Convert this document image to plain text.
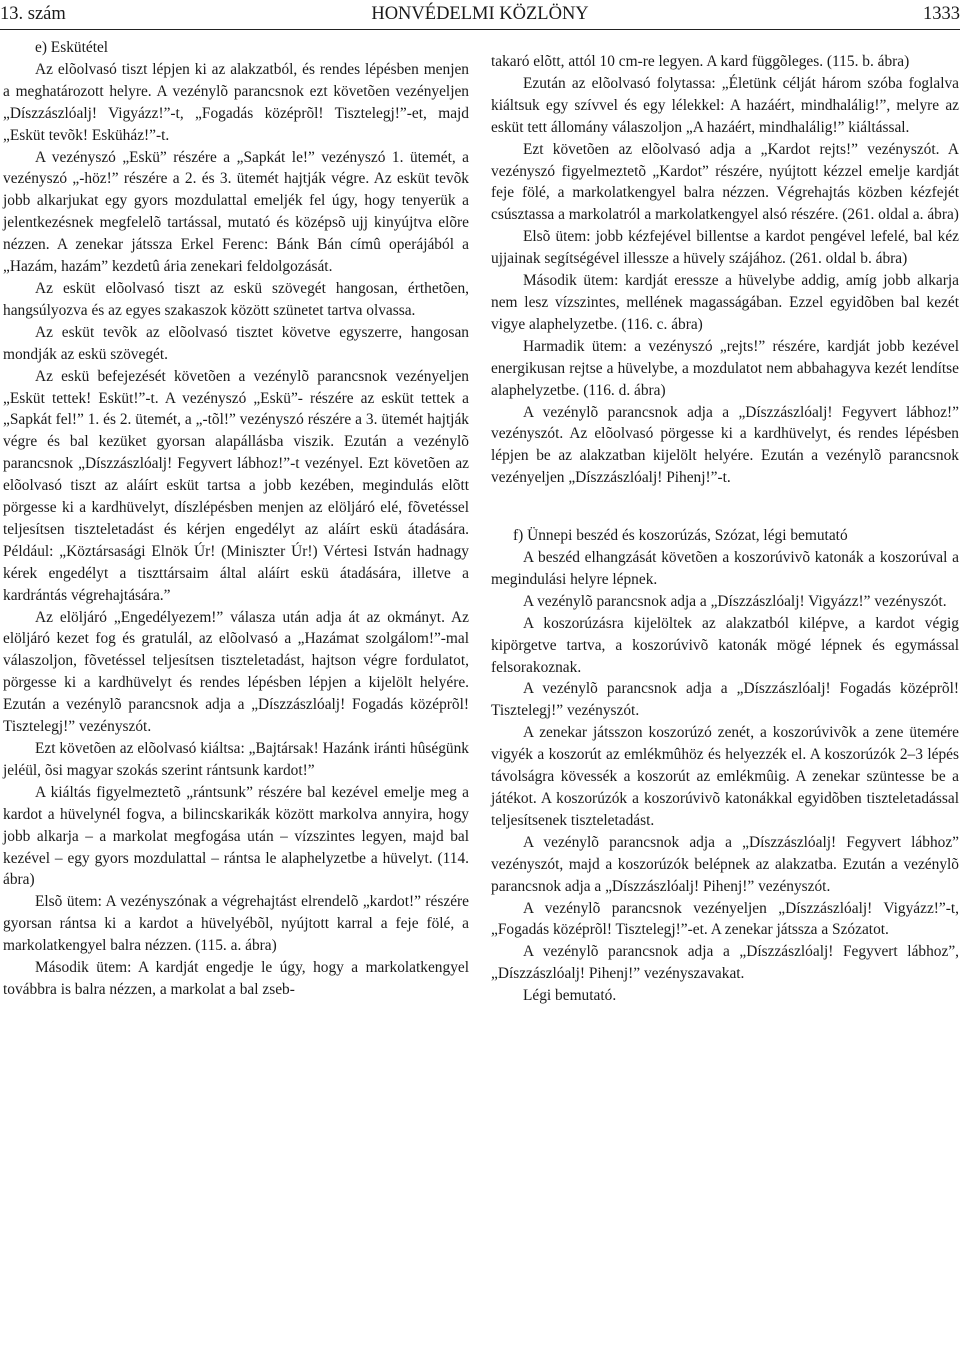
13. szám	HONVÉDELMI KÖZLÖNY	1333

e) Eskütétel

Az elõolvasó tiszt lépjen ki az alakzatból, és rendes lépésben menjen a meghatározott helyre. A vezénylõ parancsnok ezt követõen vezényeljen „Díszzászlóalj! Vigyázz!”-t, „Fogadás középrõl! Tisztelegj!”-et, majd „Esküt tevõk! Esküház!”-t.

A vezényszó „Eskü” részére a „Sapkát le!” vezényszó 1. ütemét, a vezényszó „-höz!” részére a 2. és 3. ütemét hajtják végre. Az esküt tevõk jobb alkarjukat egy gyors mozdulattal emeljék fel úgy, hogy tenyerük a jelentkezésnek megfelelõ tartással, mutató és középsõ ujj kinyújtva elõre nézzen. A zenekar játssza Erkel Ferenc: Bánk Bán címû operájából a „Hazám, hazám” kezdetû ária zenekari feldolgozását.

Az esküt elõolvasó tiszt az eskü szövegét hangosan, érthetõen, hangsúlyozva és az egyes szakaszok között szünetet tartva olvassa.

Az esküt tevõk az elõolvasó tisztet követve egyszerre, hangosan mondják az eskü szövegét.

Az eskü befejezését követõen a vezénylõ parancsnok vezényeljen „Esküt tettek! Esküt!”-t. A vezényszó „Eskü”- részére az esküt tettek a „Sapkát fel!” 1. és 2. ütemét, a „-tõl!” vezényszó részére a 3. ütemét hajtják végre és bal kezüket gyorsan alapállásba viszik. Ezután a vezénylõ parancsnok „Díszzászlóalj! Fegyvert lábhoz!”-t vezényel. Ezt követõen az elõolvasó tiszt az aláírt esküt tartsa a jobb kezében, megindulás elõtt pörgesse ki a kardhüvelyt, díszlépésben menjen az elöljáró elé, fõvetéssel teljesítsen tiszteletadást és kérjen engedélyt az aláírt eskü átadására. Például: „Köztársasági Elnök Úr! (Miniszter Úr!) Vértesi István hadnagy kérek engedélyt a tiszttársaim által aláírt eskü átadására, illetve a kardrántás végrehajtására.”

Az elöljáró „Engedélyezem!” válasza után adja át az okmányt. Az elöljáró kezet fog és gratulál, az elõolvasó a „Hazámat szolgálom!”-mal válaszoljon, fõvetéssel teljesítsen tiszteletadást, hajtson végre fordulatot, pörgesse ki a kardhüvelyt és rendes lépésben lépjen a kijelölt helyére. Ezután a vezénylõ parancsnok adja a „Díszzászlóalj! Fogadás középrõl! Tisztelegj!” vezényszót.

Ezt követõen az elõolvasó kiáltsa: „Bajtársak! Hazánk iránti hûségünk jeléül, õsi magyar szokás szerint rántsunk kardot!”

A kiáltás figyelmeztetõ „rántsunk” részére bal kezével emelje meg a kardot a hüvelynél fogva, a bilincskarikák között markolva annyira, hogy jobb alkarja – a markolat megfogása után – vízszintes legyen, majd bal kezével – egy gyors mozdulattal – rántsa le alaphelyzetbe a hüvelyt. (114. ábra)

Elsõ ütem: A vezényszónak a végrehajtást elrendelõ „kardot!” részére gyorsan rántsa ki a kardot a hüvelyébõl, nyújtott karral a feje fölé, a markolatkengyel balra nézzen. (115. a. ábra)

Második ütem: A kardját engedje le úgy, hogy a markolatkengyel továbbra is balra nézzen, a markolat a bal zseb-

takaró elõtt, attól 10 cm-re legyen. A kard függõleges. (115. b. ábra)

Ezután az elõolvasó folytassa: „Életünk célját három szóba foglalva kiáltsuk egy szívvel és egy lélekkel: A hazáért, mindhalálig!”, melyre az esküt tett állomány válaszoljon „A hazáért, mindhalálig!” kiáltással.

Ezt követõen az elõolvasó adja a „Kardot rejts!” vezényszót. A vezényszó figyelmeztetõ „Kardot” részére, nyújtott kézzel emelje kardját feje fölé, a markolatkengyel balra nézzen. Végrehajtás közben kézfejét csúsztassa a markolatról a markolatkengyel alsó részére. (261. oldal a. ábra)

Elsõ ütem: jobb kézfejével billentse a kardot pengével lefelé, bal kéz ujjainak segítségével illessze a hüvely szájához. (261. oldal b. ábra)

Második ütem: kardját eressze a hüvelybe addig, amíg jobb alkarja nem lesz vízszintes, mellének magasságában. Ezzel egyidõben bal kezét vigye alaphelyzetbe. (116. c. ábra)

Harmadik ütem: a vezényszó „rejts!” részére, kardját jobb kezével energikusan rejtse a hüvelybe, a mozdulatot nem abbahagyva kezét lendítse alaphelyzetbe. (116. d. ábra)

A vezénylõ parancsnok adja a „Díszzászlóalj! Fegyvert lábhoz!” vezényszót. Az elõolvasó pörgesse ki a kardhüvelyt, és rendes lépésben lépjen be az alakzatban kijelölt helyére. Ezután a vezénylõ parancsnok vezényeljen „Díszzászlóalj! Pihenj!”-t.

f) Ünnepi beszéd és koszorúzás, Szózat, légi bemutató

A beszéd elhangzását követõen a koszorúvivõ katonák a koszorúval a megindulási helyre lépnek.

A vezénylõ parancsnok adja a „Díszzászlóalj! Vigyázz!” vezényszót.

A koszorúzásra kijelöltek az alakzatból kilépve, a kardot végig kipörgetve tartva, a koszorúvivõ katonák mögé lépnek és egymással felsorakoznak.

A vezénylõ parancsnok adja a „Díszzászlóalj! Fogadás középrõl! Tisztelegj!” vezényszót.

A zenekar játsszon koszorúzó zenét, a koszorúvivõk a zene ütemére vigyék a koszorút az emlékmûhöz és helyezzék el. A koszorúzók 2–3 lépés távolságra kövessék a koszorút az emlékmûig. A zenekar szüntesse be a játékot. A koszorúzók a koszorúvivõ katonákkal egyidõben tiszteletadással teljesítsenek tiszteletadást.

A vezénylõ parancsnok adja a „Díszzászlóalj! Fegyvert lábhoz” vezényszót, majd a koszorúzók belépnek az alakzatba. Ezután a vezénylõ parancsnok adja a „Díszzászlóalj! Pihenj!” vezényszót.

A vezénylõ parancsnok vezényeljen „Díszzászlóalj! Vigyázz!”-t, „Fogadás középrõl! Tisztelegj!”-et. A zenekar játssza a Szózatot.

A vezénylõ parancsnok adja a „Díszzászlóalj! Fegyvert lábhoz”, „Díszzászlóalj! Pihenj!” vezényszavakat.

Légi bemutató.
